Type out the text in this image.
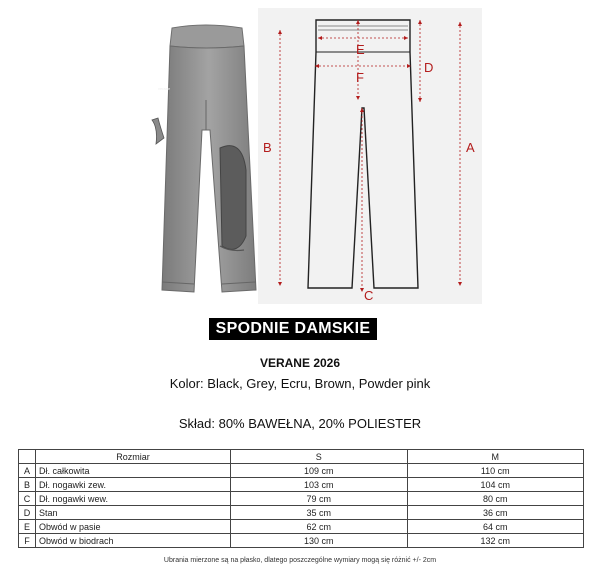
verane
E
F
D
B	A
C
SPODNIE DAMSKIE
VERANE 2026
Kolor: Black, Grey, Ecru, Brown, Powder pink
Skład: 80% BAWEŁNA, 20% POLIESTER
	Rozmiar	S	M
A	Dł. całkowita	109 cm	110 cm
B	Dł. nogawki zew.	103 cm	104 cm
C	Dł. nogawki wew.	79 cm	80 cm
D	Stan	35 cm	36 cm
E	Obwód w pasie	62 cm	64 cm
F	Obwód w biodrach	130 cm	132 cm
Ubrania mierzone są na płasko, dlatego poszczególne wymiary mogą się różnić +/- 2cm
